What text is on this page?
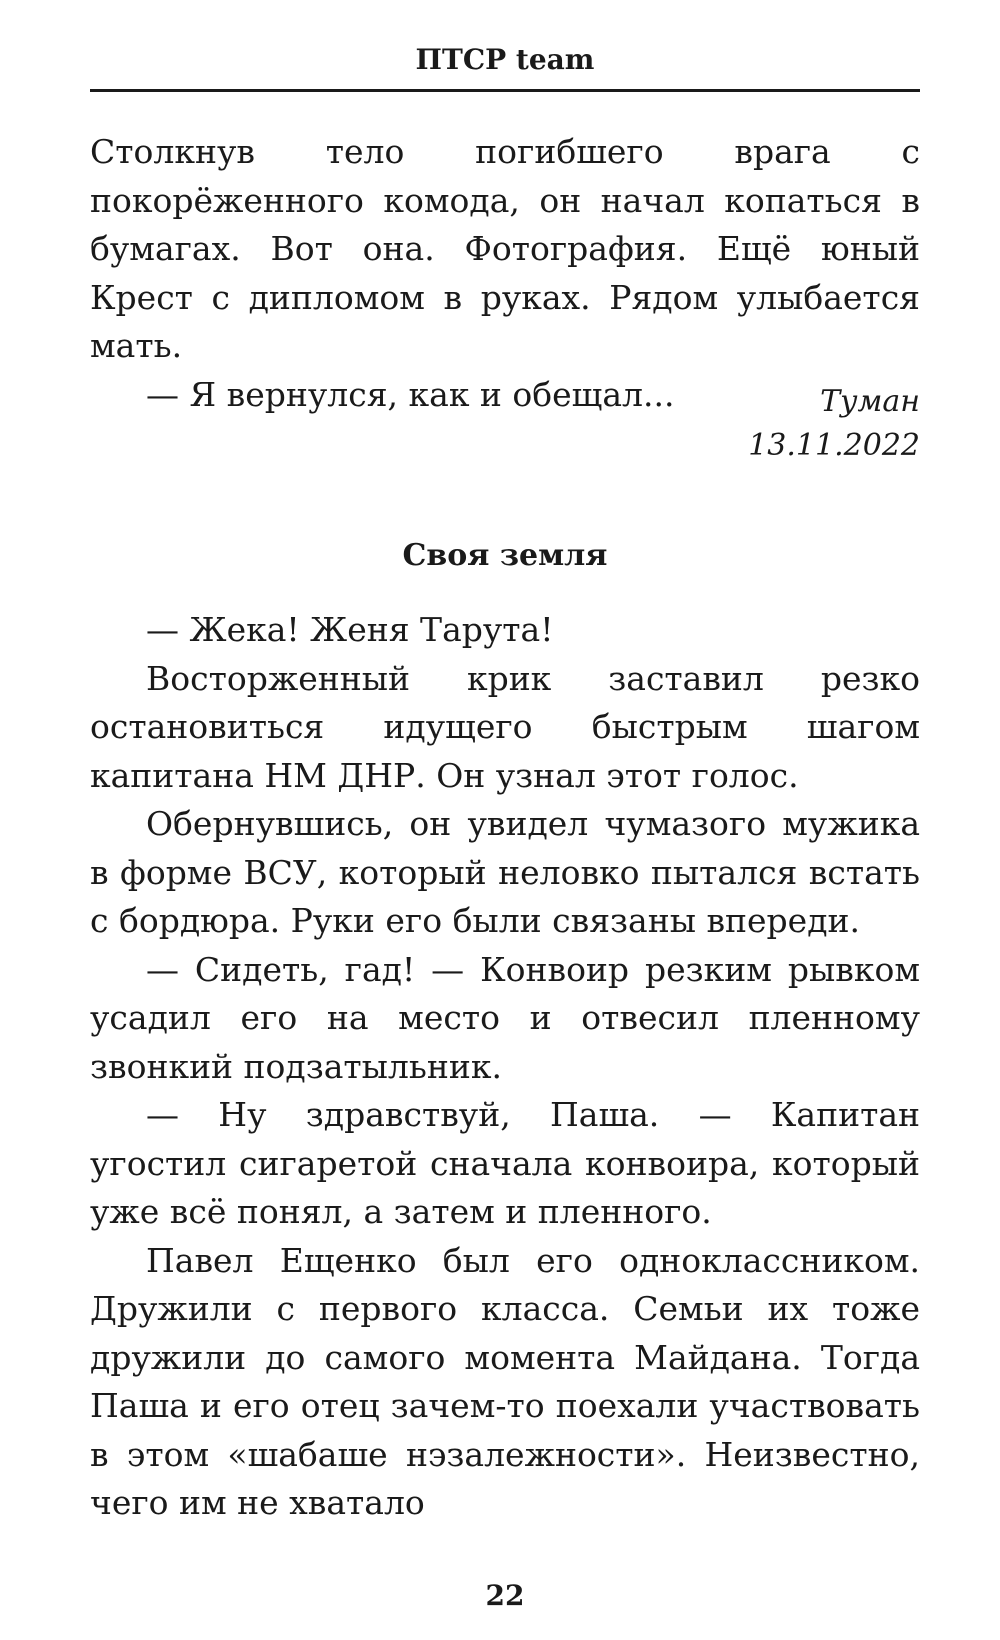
ПТСР team

Столкнув тело погибшего врага с покорёженного комода, он начал копаться в бумагах. Вот она. Фотография. Ещё юный Крест с дипломом в руках. Рядом улыбается мать.

— Я вернулся, как и обещал...	Туман
13.11.2022
Своя земля

— Жека! Женя Тарута!

Восторженный крик заставил резко остановиться идущего быстрым шагом капитана НМ ДНР. Он узнал этот голос.

Обернувшись, он увидел чумазого мужика в форме ВСУ, который неловко пытался встать с бордюра. Руки его были связаны впереди.

— Сидеть, гад! — Конвоир резким рывком усадил его на место и отвесил пленному звонкий подзатыльник.

— Ну здравствуй, Паша. — Капитан угостил сигаретой сначала конвоира, который уже всё понял, а затем и пленного.

Павел Ещенко был его одноклассником. Дружили с первого класса. Семьи их тоже дружили до самого момента Майдана. Тогда Паша и его отец зачем-то поехали участвовать в этом «шабаше нэзалежности». Неизвестно, чего им не хватало

22
